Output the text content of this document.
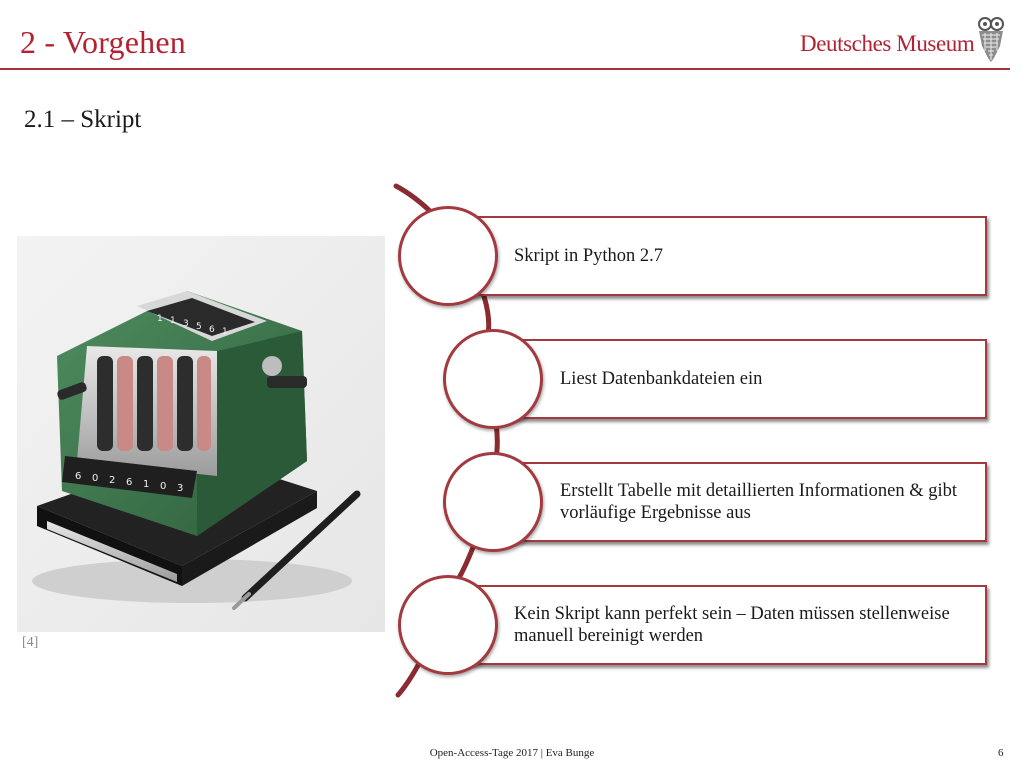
2 - Vorgehen	Deutsches Museum
2.1 – Skript
1 1 3 5 6 1
6 0 2 6 1 0 3
[4]
Skript in Python 2.7
Liest Datenbankdateien ein
Erstellt Tabelle mit detaillierten Informationen & gibt vorläufige Ergebnisse aus
Kein Skript kann perfekt sein – Daten müssen stellenweise manuell bereinigt werden
Open-Access-Tage 2017 | Eva Bunge	6
